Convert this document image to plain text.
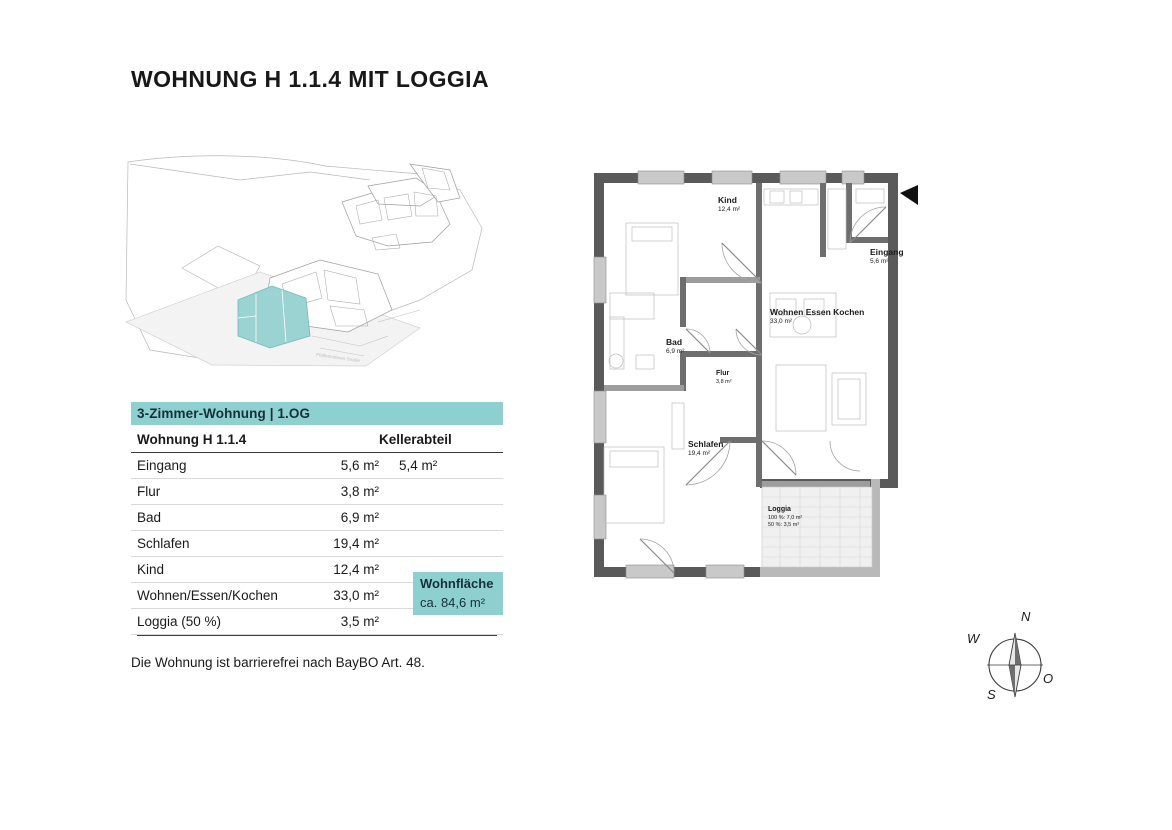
WOHNUNG H 1.1.4 MIT LOGGIA
Pfaffenhofener Straße
3-Zimmer-Wohnung | 1.OG
Wohnung H 1.1.4	Kellerabteil
Eingang	5,6 m²	5,4 m²
Flur	3,8 m²
Bad	6,9 m²
Schlafen	19,4 m²
Kind	12,4 m²
Wohnen/Essen/Kochen	33,0 m²
Loggia (50 %)	3,5 m²
Wohnfläche
ca. 84,6 m²
Die Wohnung ist barrierefrei nach BayBO Art. 48.
Kind
12,4 m²
Eingang
5,6 m²
Wohnen Essen Kochen
33,0 m²
Bad
6,9 m²
Flur
3,8 m²
Schlafen
19,4 m²
Loggia
100 %: 7,0 m²
50 %: 3,5 m²
N
O
S
W
